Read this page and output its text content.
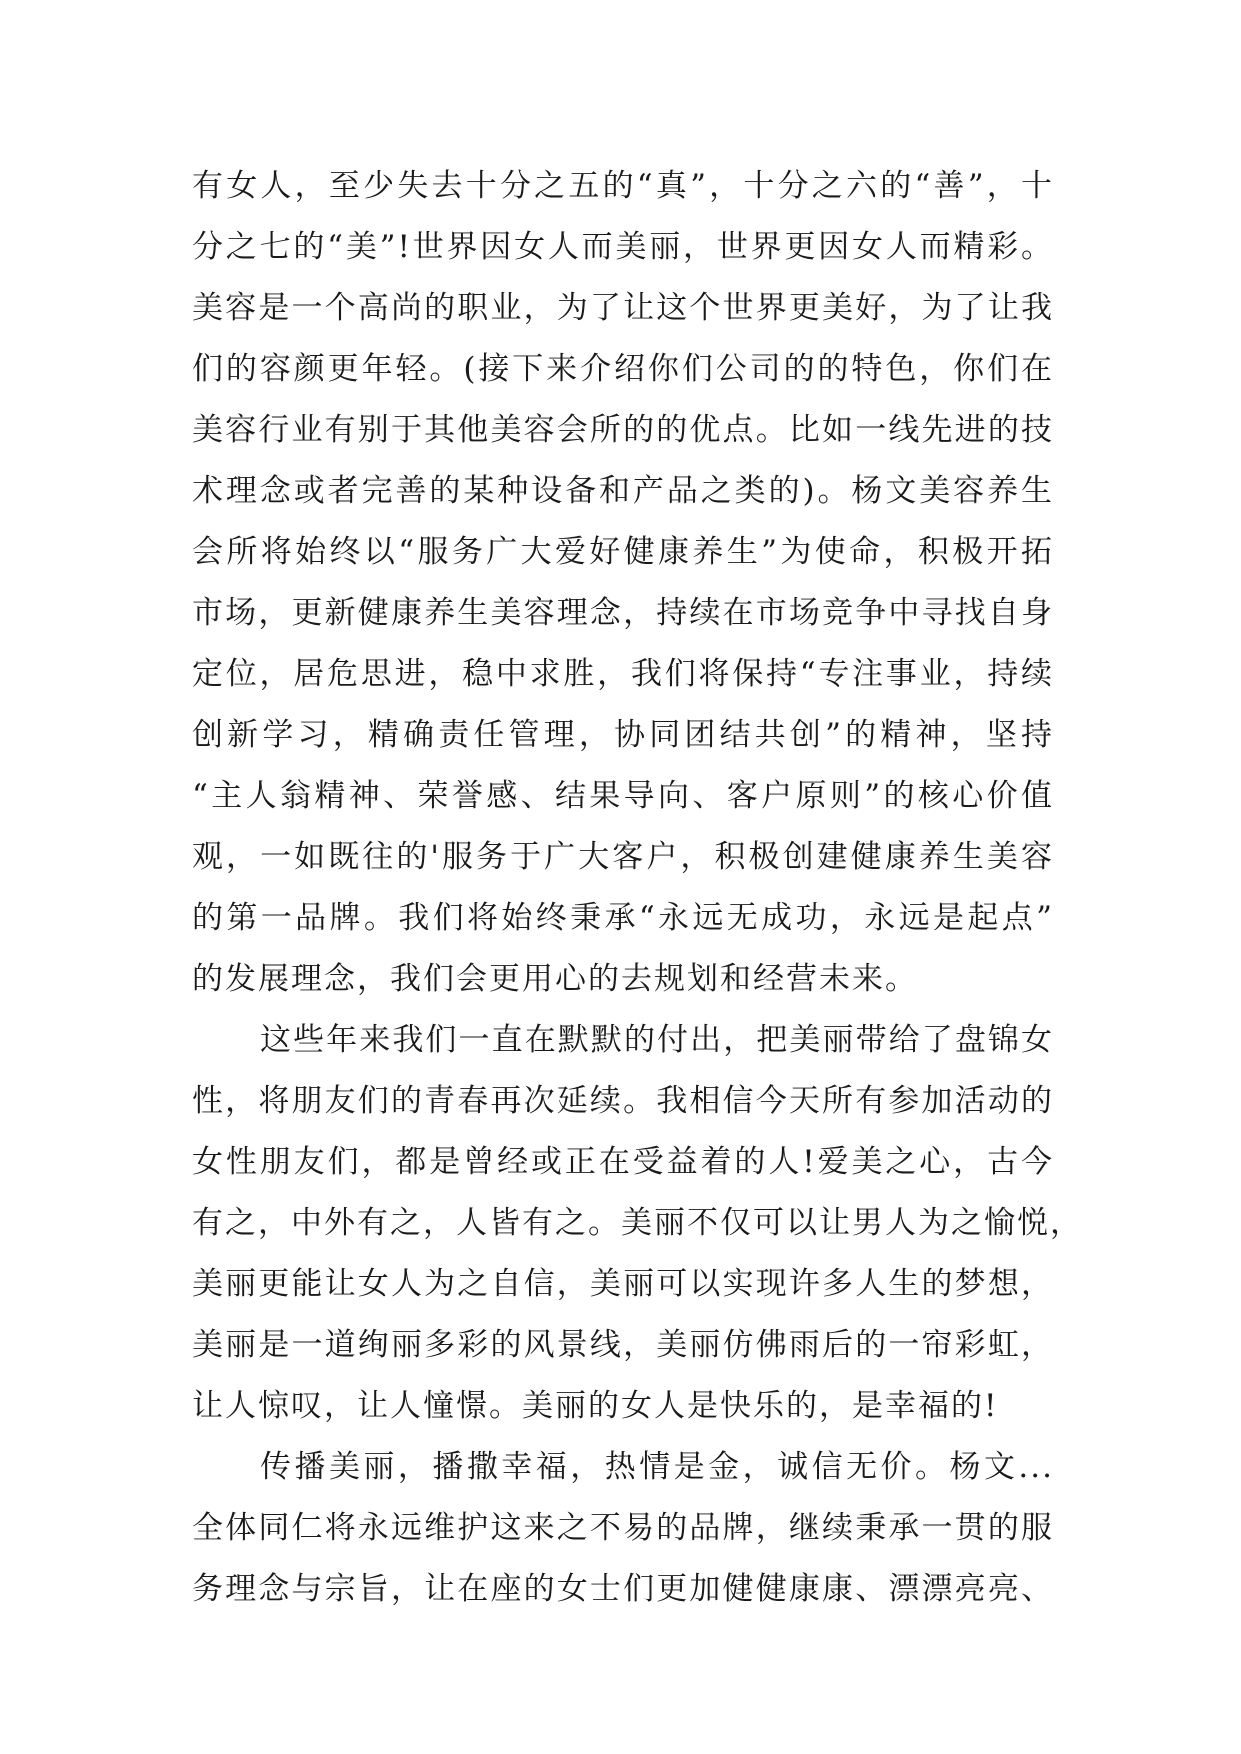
有女人，至少失去十分之五的“真”，十分之六的“善”，十
分之七的“美”!世界因女人而美丽，世界更因女人而精彩。
美容是一个高尚的职业，为了让这个世界更美好，为了让我
们的容颜更年轻。(接下来介绍你们公司的的特色，你们在
美容行业有别于其他美容会所的的优点。比如一线先进的技
术理念或者完善的某种设备和产品之类的)。杨文美容养生
会所将始终以“服务广大爱好健康养生”为使命，积极开拓
市场，更新健康养生美容理念，持续在市场竞争中寻找自身
定位，居危思进，稳中求胜，我们将保持“专注事业，持续
创新学习，精确责任管理，协同团结共创”的精神，坚持
“主人翁精神、荣誉感、结果导向、客户原则”的核心价值
观，一如既往的'服务于广大客户，积极创建健康养生美容
的第一品牌。我们将始终秉承“永远无成功，永远是起点”
的发展理念，我们会更用心的去规划和经营未来。
这些年来我们一直在默默的付出，把美丽带给了盘锦女
性，将朋友们的青春再次延续。我相信今天所有参加活动的
女性朋友们，都是曾经或正在受益着的人!爱美之心，古今
有之，中外有之，人皆有之。美丽不仅可以让男人为之愉悦，
美丽更能让女人为之自信，美丽可以实现许多人生的梦想，
美丽是一道绚丽多彩的风景线，美丽仿佛雨后的一帘彩虹，
让人惊叹，让人憧憬。美丽的女人是快乐的，是幸福的!
传播美丽，播撒幸福，热情是金，诚信无价。杨文...
全体同仁将永远维护这来之不易的品牌，继续秉承一贯的服
务理念与宗旨，让在座的女士们更加健健康康、漂漂亮亮、
